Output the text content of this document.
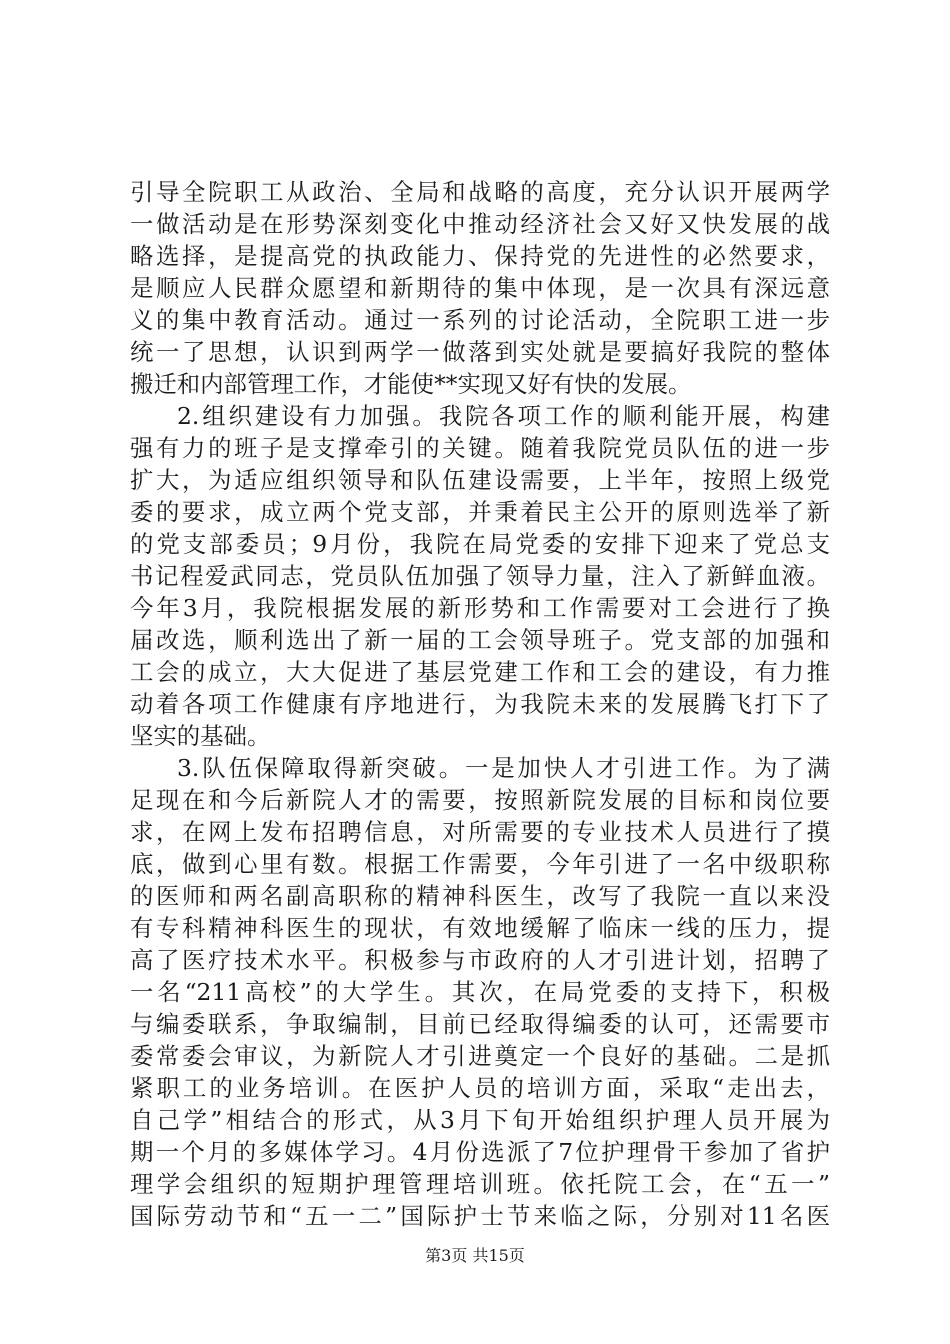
引导全院职工从政治、全局和战略的高度，充分认识开展两学
一做活动是在形势深刻变化中推动经济社会又好又快发展的战
略选择，是提高党的执政能力、保持党的先进性的必然要求，
是顺应人民群众愿望和新期待的集中体现，是一次具有深远意
义的集中教育活动。通过一系列的讨论活动，全院职工进一步
统一了思想，认识到两学一做落到实处就是要搞好我院的整体
搬迁和内部管理工作，才能使**实现又好有快的发展。
2.组织建设有力加强。我院各项工作的顺利能开展，构建
强有力的班子是支撑牵引的关键。随着我院党员队伍的进一步
扩大，为适应组织领导和队伍建设需要，上半年，按照上级党
委的要求，成立两个党支部，并秉着民主公开的原则选举了新
的党支部委员；9月份，我院在局党委的安排下迎来了党总支
书记程爱武同志，党员队伍加强了领导力量，注入了新鲜血液。
今年3月，我院根据发展的新形势和工作需要对工会进行了换
届改选，顺利选出了新一届的工会领导班子。党支部的加强和
工会的成立，大大促进了基层党建工作和工会的建设，有力推
动着各项工作健康有序地进行，为我院未来的发展腾飞打下了
坚实的基础。
3.队伍保障取得新突破。一是加快人才引进工作。为了满
足现在和今后新院人才的需要，按照新院发展的目标和岗位要
求，在网上发布招聘信息，对所需要的专业技术人员进行了摸
底，做到心里有数。根据工作需要，今年引进了一名中级职称
的医师和两名副高职称的精神科医生，改写了我院一直以来没
有专科精神科医生的现状，有效地缓解了临床一线的压力，提
高了医疗技术水平。积极参与市政府的人才引进计划，招聘了
一名“211高校”的大学生。其次，在局党委的支持下，积极
与编委联系，争取编制，目前已经取得编委的认可，还需要市
委常委会审议，为新院人才引进奠定一个良好的基础。二是抓
紧职工的业务培训。在医护人员的培训方面，采取“走出去，
自己学”相结合的形式，从3月下旬开始组织护理人员开展为
期一个月的多媒体学习。4月份选派了7位护理骨干参加了省护
理学会组织的短期护理管理培训班。依托院工会，在“五一”
国际劳动节和“五一二”国际护士节来临之际，分别对11名医
第3页 共15页
